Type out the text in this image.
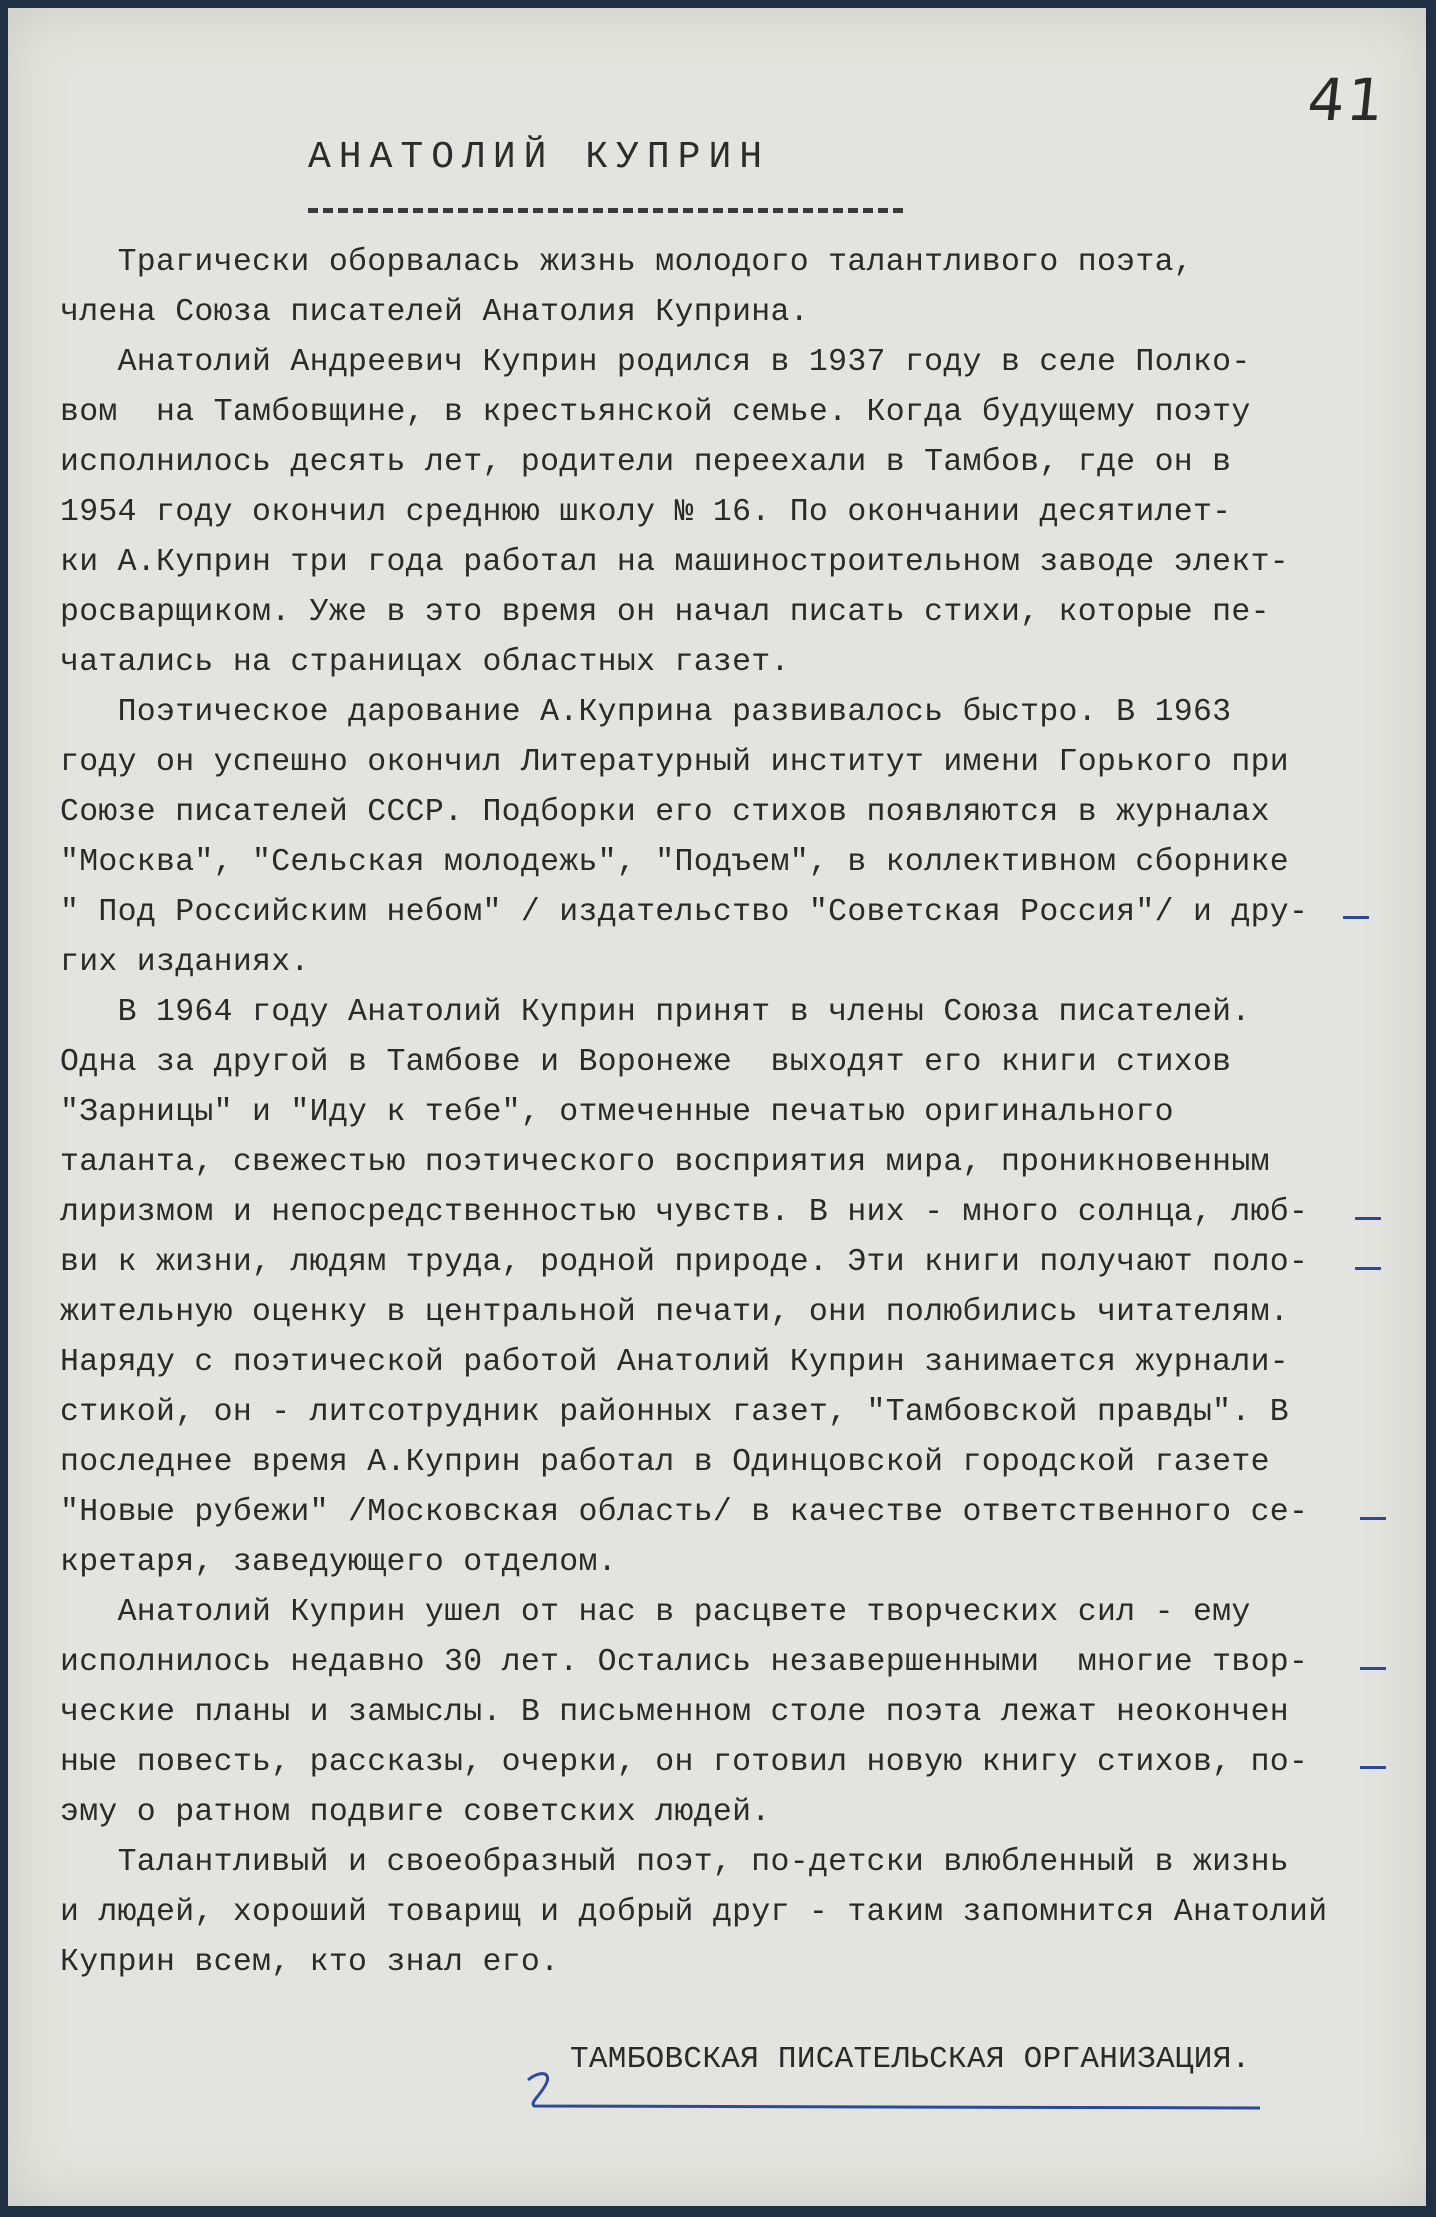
41
АНАТОЛИЙ КУПРИН
Трагически оборвалась жизнь молодого талантливого поэта,
членa Союза писателей Анатолия Куприна.
Анатолий Андреевич Куприн родился в 1937 году в селе Полко-
вом  на Тамбовщине, в крестьянской семье. Когда будущему поэту
исполнилось десять лет, родители переехали в Тамбов, где он в
1954 году окончил среднюю школу № 16. По окончании десятилет-
ки А.Куприн три года работал на машиностроительном заводе элект-
росварщиком. Уже в это время он начал писать стихи, которые пе-
чатались на страницах областных газет.
Поэтическое дарование А.Куприна развивалось быстро. В 1963
году он успешно окончил Литературный институт имени Горького при
Союзе писателей СССР. Подборки его стихов появляются в журналах
"Москва", "Сельская молодежь", "Подъем", в коллективном сборнике
" Под Российским небом" / издательство "Советская Россия"/ и дру-
гих изданиях.
В 1964 году Анатолий Куприн принят в члены Союза писателей.
Одна за другой в Тамбове и Воронеже  выходят его книги стихов
"Зарницы" и "Иду к тебе", отмеченные печатью оригинального
таланта, свежестью поэтического восприятия мира, проникновенным
лиризмом и непосредственностью чувств. В них - много солнца, люб-
ви к жизни, людям труда, родной природе. Эти книги получают поло-
жительную оценку в центральной печати, они полюбились читателям.
Наряду с поэтической работой Анатолий Куприн занимается журнали-
стикой, он - литсотрудник районных газет, "Тамбовской правды". В
последнее время А.Куприн работал в Одинцовской городской газете
"Новые рубежи" /Московская область/ в качестве ответственного се-
кретаря, заведующего отделом.
Анатолий Куприн ушел от нас в расцвете творческих сил - ему
исполнилось недавно 30 лет. Остались незавершенными  многие твор-
ческие планы и замыслы. В письменном столе поэта лежат неокончен
ные повесть, рассказы, очерки, он готовил новую книгу стихов, по-
эму о ратном подвиге советских людей.
Талантливый и своеобразный поэт, по-детски влюбленный в жизнь
и людей, хороший товарищ и добрый друг - таким запомнится Анатолий
Куприн всем, кто знал его.
ТАМБОВСКАЯ ПИСАТЕЛЬСКАЯ ОРГАНИЗАЦИЯ.
